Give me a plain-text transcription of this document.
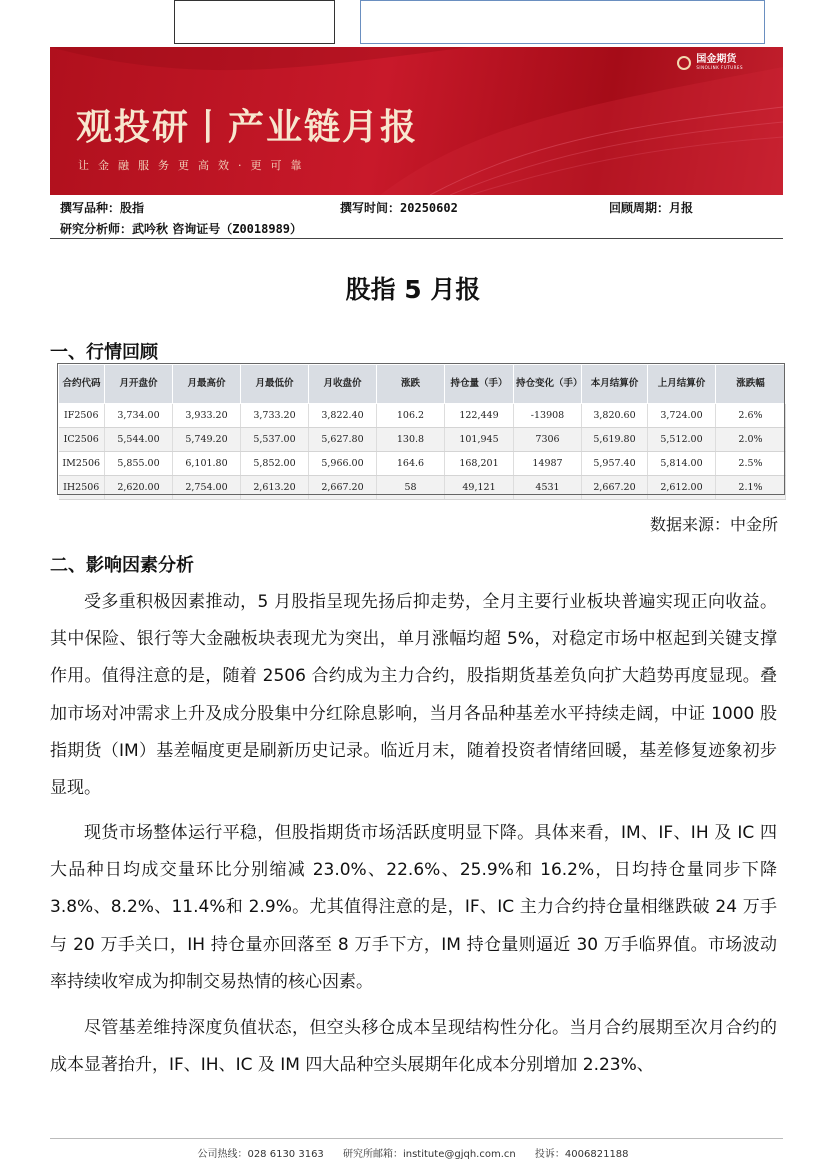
国金期货
SINOLINK FUTURES
观投研丨产业链月报
让金融服务更高效·更可靠
撰写品种：股指	撰写时间：20250602	回顾周期：月报
研究分析师：武吟秋 咨询证号（Z0018989）
股指 5 月报
一、行情回顾
合约代码	月开盘价	月最高价	月最低价	月收盘价	涨跌	持仓量（手）	持仓变化（手）	本月结算价	上月结算价	涨跌幅
IF2506	3,734.00	3,933.20	3,733.20	3,822.40	106.2	122,449	-13908	3,820.60	3,724.00	2.6%
IC2506	5,544.00	5,749.20	5,537.00	5,627.80	130.8	101,945	7306	5,619.80	5,512.00	2.0%
IM2506	5,855.00	6,101.80	5,852.00	5,966.00	164.6	168,201	14987	5,957.40	5,814.00	2.5%
IH2506	2,620.00	2,754.00	2,613.20	2,667.20	58	49,121	4531	2,667.20	2,612.00	2.1%
数据来源：中金所
二、影响因素分析

受多重积极因素推动，5 月股指呈现先扬后抑走势，全月主要行业板块普遍实现正向收益。其中保险、银行等大金融板块表现尤为突出，单月涨幅均超 5%，对稳定市场中枢起到关键支撑作用。值得注意的是，随着 2506 合约成为主力合约，股指期货基差负向扩大趋势再度显现。叠加市场对冲需求上升及成分股集中分红除息影响，当月各品种基差水平持续走阔，中证 1000 股指期货（IM）基差幅度更是刷新历史记录。临近月末，随着投资者情绪回暖，基差修复迹象初步显现。

现货市场整体运行平稳，但股指期货市场活跃度明显下降。具体来看，IM、IF、IH 及 IC 四大品种日均成交量环比分别缩减 23.0%、22.6%、25.9%和 16.2%，日均持仓量同步下降 3.8%、8.2%、11.4%和 2.9%。尤其值得注意的是，IF、IC 主力合约持仓量相继跌破 24 万手与 20 万手关口，IH 持仓量亦回落至 8 万手下方，IM 持仓量则逼近 30 万手临界值。市场波动率持续收窄成为抑制交易热情的核心因素。

尽管基差维持深度负值状态，但空头移仓成本呈现结构性分化。当月合约展期至次月合约的成本显著抬升，IF、IH、IC 及 IM 四大品种空头展期年化成本分别增加 2.23%、

公司热线：028 6130 3163 研究所邮箱：institute@gjqh.com.cn 投诉：4006821188
